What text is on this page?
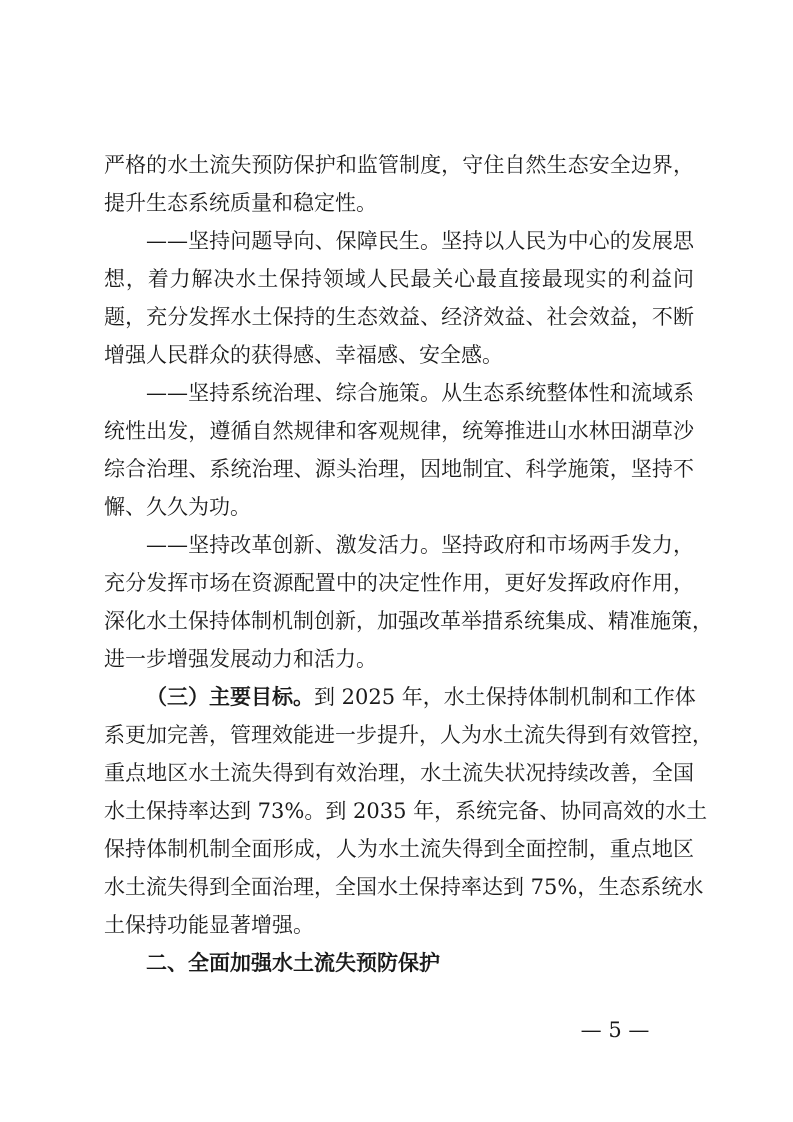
严格的水土流失预防保护和监管制度，守住自然生态安全边界，
提升生态系统质量和稳定性。
——坚持问题导向、保障民生。坚持以人民为中心的发展思
想，着力解决水土保持领域人民最关心最直接最现实的利益问
题，充分发挥水土保持的生态效益、经济效益、社会效益，不断
增强人民群众的获得感、幸福感、安全感。
——坚持系统治理、综合施策。从生态系统整体性和流域系
统性出发，遵循自然规律和客观规律，统筹推进山水林田湖草沙
综合治理、系统治理、源头治理，因地制宜、科学施策，坚持不
懈、久久为功。
——坚持改革创新、激发活力。坚持政府和市场两手发力，
充分发挥市场在资源配置中的决定性作用，更好发挥政府作用，
深化水土保持体制机制创新，加强改革举措系统集成、精准施策，
进一步增强发展动力和活力。
（三）主要目标。到 2025 年，水土保持体制机制和工作体
系更加完善，管理效能进一步提升，人为水土流失得到有效管控，
重点地区水土流失得到有效治理，水土流失状况持续改善，全国
水土保持率达到 73%。到 2035 年，系统完备、协同高效的水土
保持体制机制全面形成，人为水土流失得到全面控制，重点地区
水土流失得到全面治理，全国水土保持率达到 75%，生态系统水
土保持功能显著增强。
二、全面加强水土流失预防保护
— 5 —
